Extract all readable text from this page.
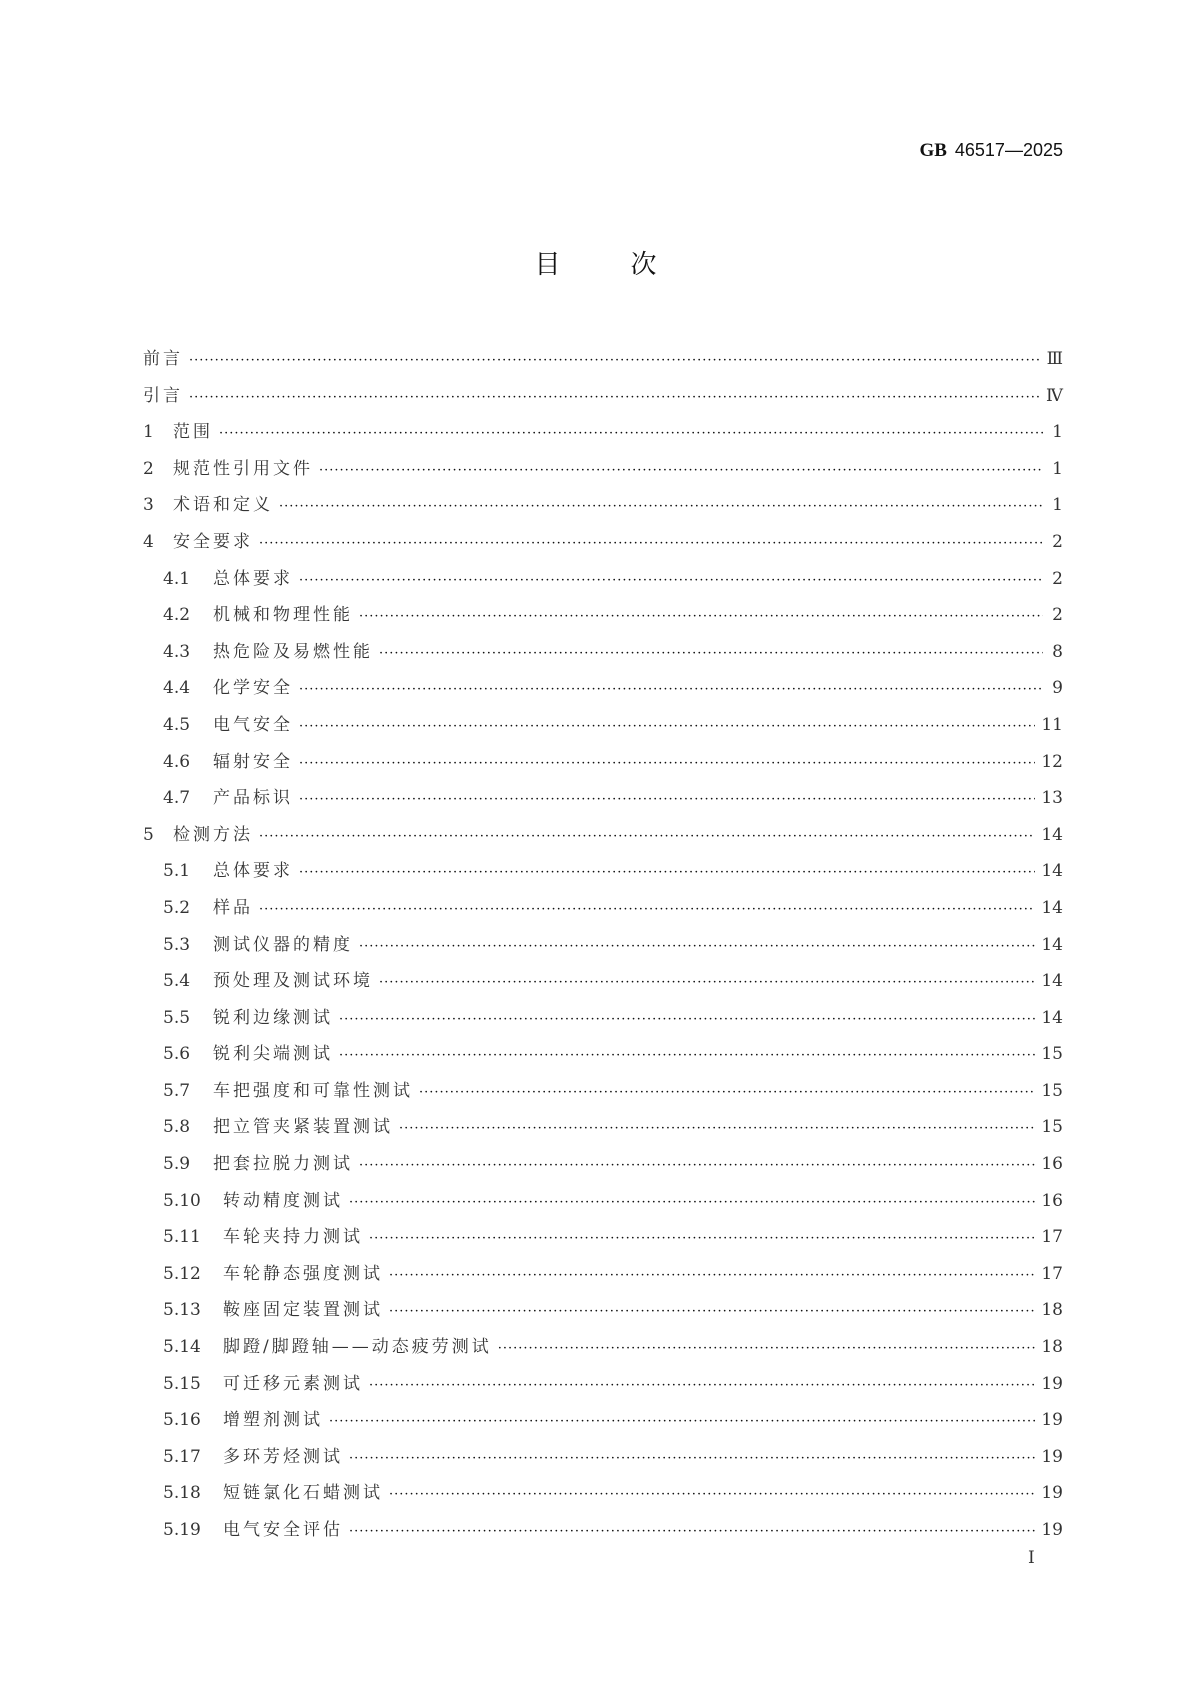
GB 46517—2025
目	次
前言 ·····	Ⅲ
引言 ·····	Ⅳ
1	范围 ·····	1
2	规范性引用文件 ·····	1
3	术语和定义 ·····	1
4	安全要求 ·····	2
4.1	总体要求 ·····	2
4.2	机械和物理性能 ·····	2
4.3	热危险及易燃性能 ·····	8
4.4	化学安全 ·····	9
4.5	电气安全 ·····	11
4.6	辐射安全 ·····	12
4.7	产品标识 ·····	13
5	检测方法 ·····	14
5.1	总体要求 ·····	14
5.2	样品 ·····	14
5.3	测试仪器的精度 ·····	14
5.4	预处理及测试环境 ·····	14
5.5	锐利边缘测试 ·····	14
5.6	锐利尖端测试 ·····	15
5.7	车把强度和可靠性测试 ·····	15
5.8	把立管夹紧装置测试 ·····	15
5.9	把套拉脱力测试 ·····	16
5.10	转动精度测试 ·····	16
5.11	车轮夹持力测试 ·····	17
5.12	车轮静态强度测试 ·····	17
5.13	鞍座固定装置测试 ·····	18
5.14	脚蹬/脚蹬轴——动态疲劳测试 ·····	18
5.15	可迁移元素测试 ·····	19
5.16	增塑剂测试 ·····	19
5.17	多环芳烃测试 ·····	19
5.18	短链氯化石蜡测试 ·····	19
5.19	电气安全评估 ·····	19
I
